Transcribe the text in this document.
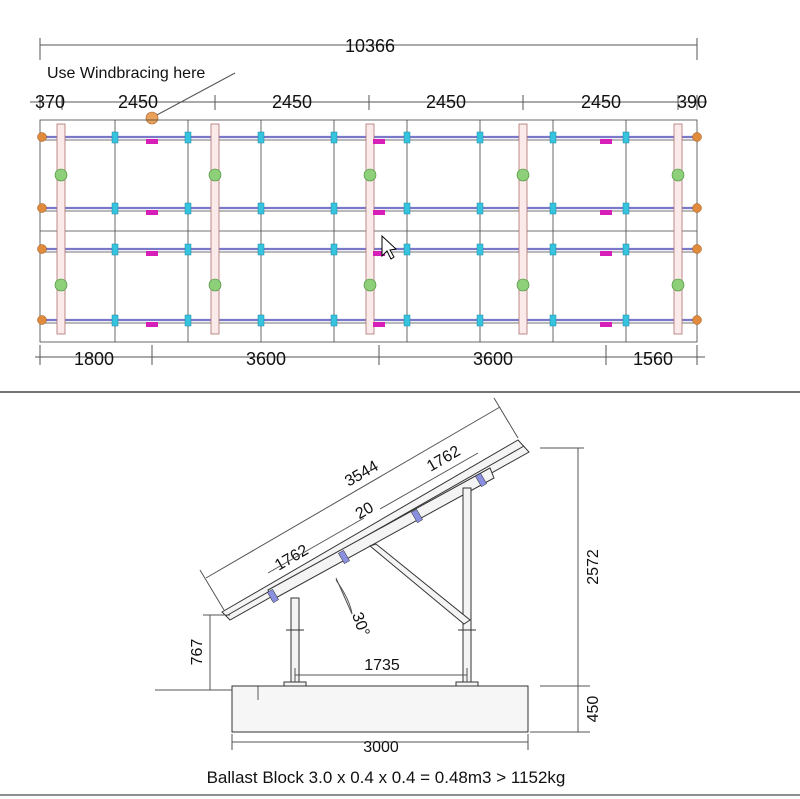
10366
Use Windbracing here
370	2450	2450	2450	2450	390
1800	3600	3600	1560
3544	1762
1762
20
30°
2572
450
767
1735
3000
Ballast Block 3.0 x 0.4 x 0.4 = 0.48m3 > 1152kg
